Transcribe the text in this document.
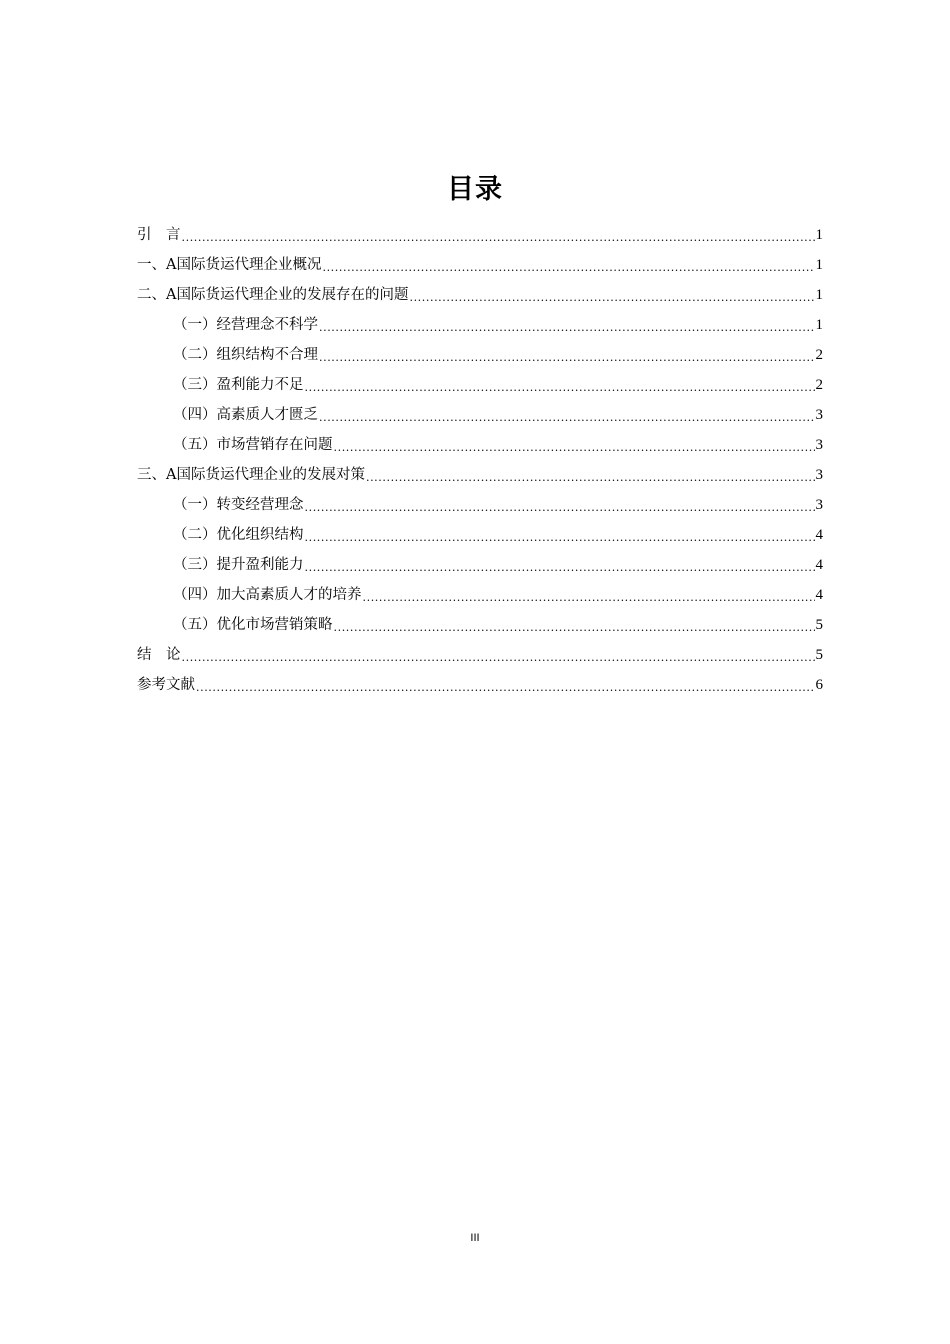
目录
引　言 .....	1
一、A国际货运代理企业概况 .....	1
二、A国际货运代理企业的发展存在的问题 .....	1
（一）经营理念不科学 .....	1
（二）组织结构不合理 .....	2
（三）盈利能力不足 .....	2
（四）高素质人才匮乏 .....	3
（五）市场营销存在问题 .....	3
三、A国际货运代理企业的发展对策 .....	3
（一）转变经营理念 .....	3
（二）优化组织结构 .....	4
（三）提升盈利能力 .....	4
（四）加大高素质人才的培养 .....	4
（五）优化市场营销策略 .....	5
结　论 .....	5
参考文献 .....	6
III
